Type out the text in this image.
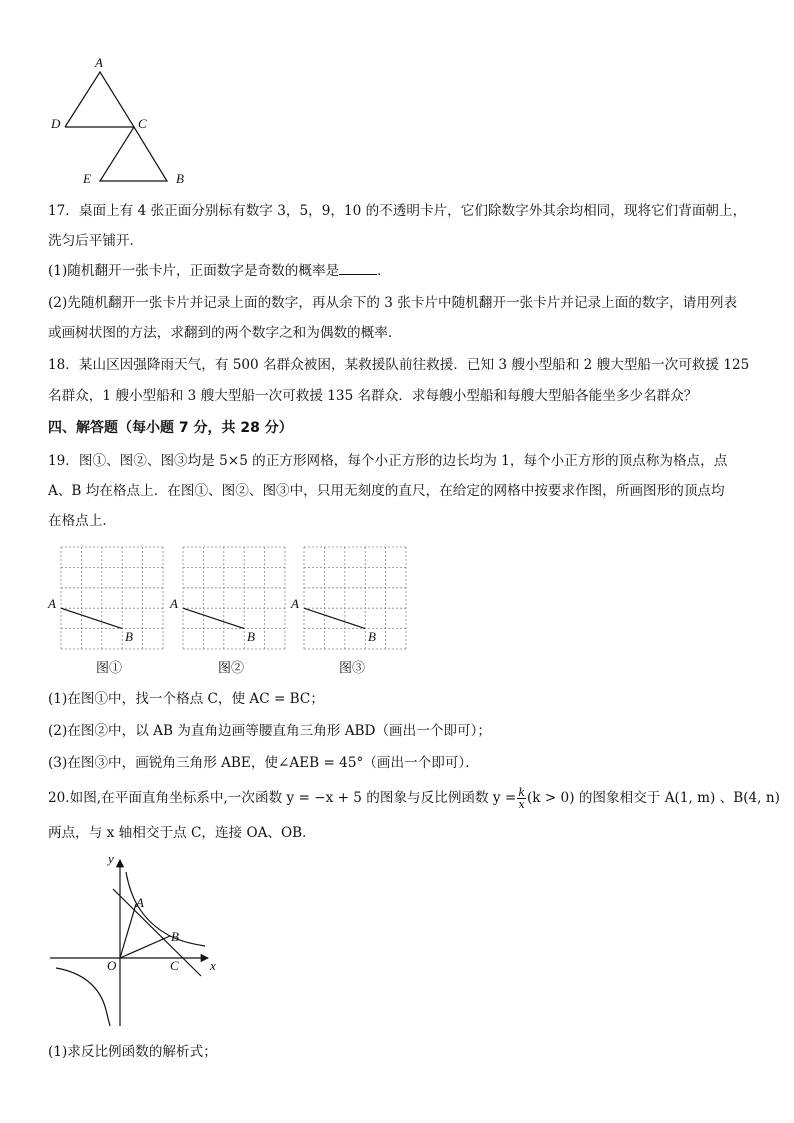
A
D	C
E	B
17．桌面上有 4 张正面分别标有数字 3，5，9，10 的不透明卡片，它们除数字外其余均相同，现将它们背面朝上，
洗匀后平铺开．
(1)随机翻开一张卡片，正面数字是奇数的概率是	．
(2)先随机翻开一张卡片并记录上面的数字，再从余下的 3 张卡片中随机翻开一张卡片并记录上面的数字，请用列表
或画树状图的方法，求翻到的两个数字之和为偶数的概率．
18．某山区因强降雨天气，有 500 名群众被困，某救援队前往救援．已知 3 艘小型船和 2 艘大型船一次可救援 125
名群众，1 艘小型船和 3 艘大型船一次可救援 135 名群众．求每艘小型船和每艘大型船各能坐多少名群众？
四、解答题（每小题 7 分，共 28 分）
19．图①、图②、图③均是 5×5 的正方形网格，每个小正方形的边长均为 1，每个小正方形的顶点称为格点，点
A、B 均在格点上．在图①、图②、图③中，只用无刻度的直尺，在给定的网格中按要求作图，所画图形的顶点均
在格点上．
A
B
图①
A
B
图②
A
B
图③
(1)在图①中，找一个格点 C，使 AC = BC；
(2)在图②中，以 AB 为直角边画等腰直角三角形 ABD（画出一个即可）；
(3)在图③中，画锐角三角形 ABE，使∠AEB = 45°（画出一个即可）．
20.如图,在平面直角坐标系中,一次函数 y = −x + 5 的图象与反比例函数 $y = \frac{k}{x} (k > 0)$ 的图象相交于 A(1, m) 、B(4, n)
两点，与 x 轴相交于点 C，连接 OA、OB．
y
x
O
A
B
C
(1)求反比例函数的解析式；
